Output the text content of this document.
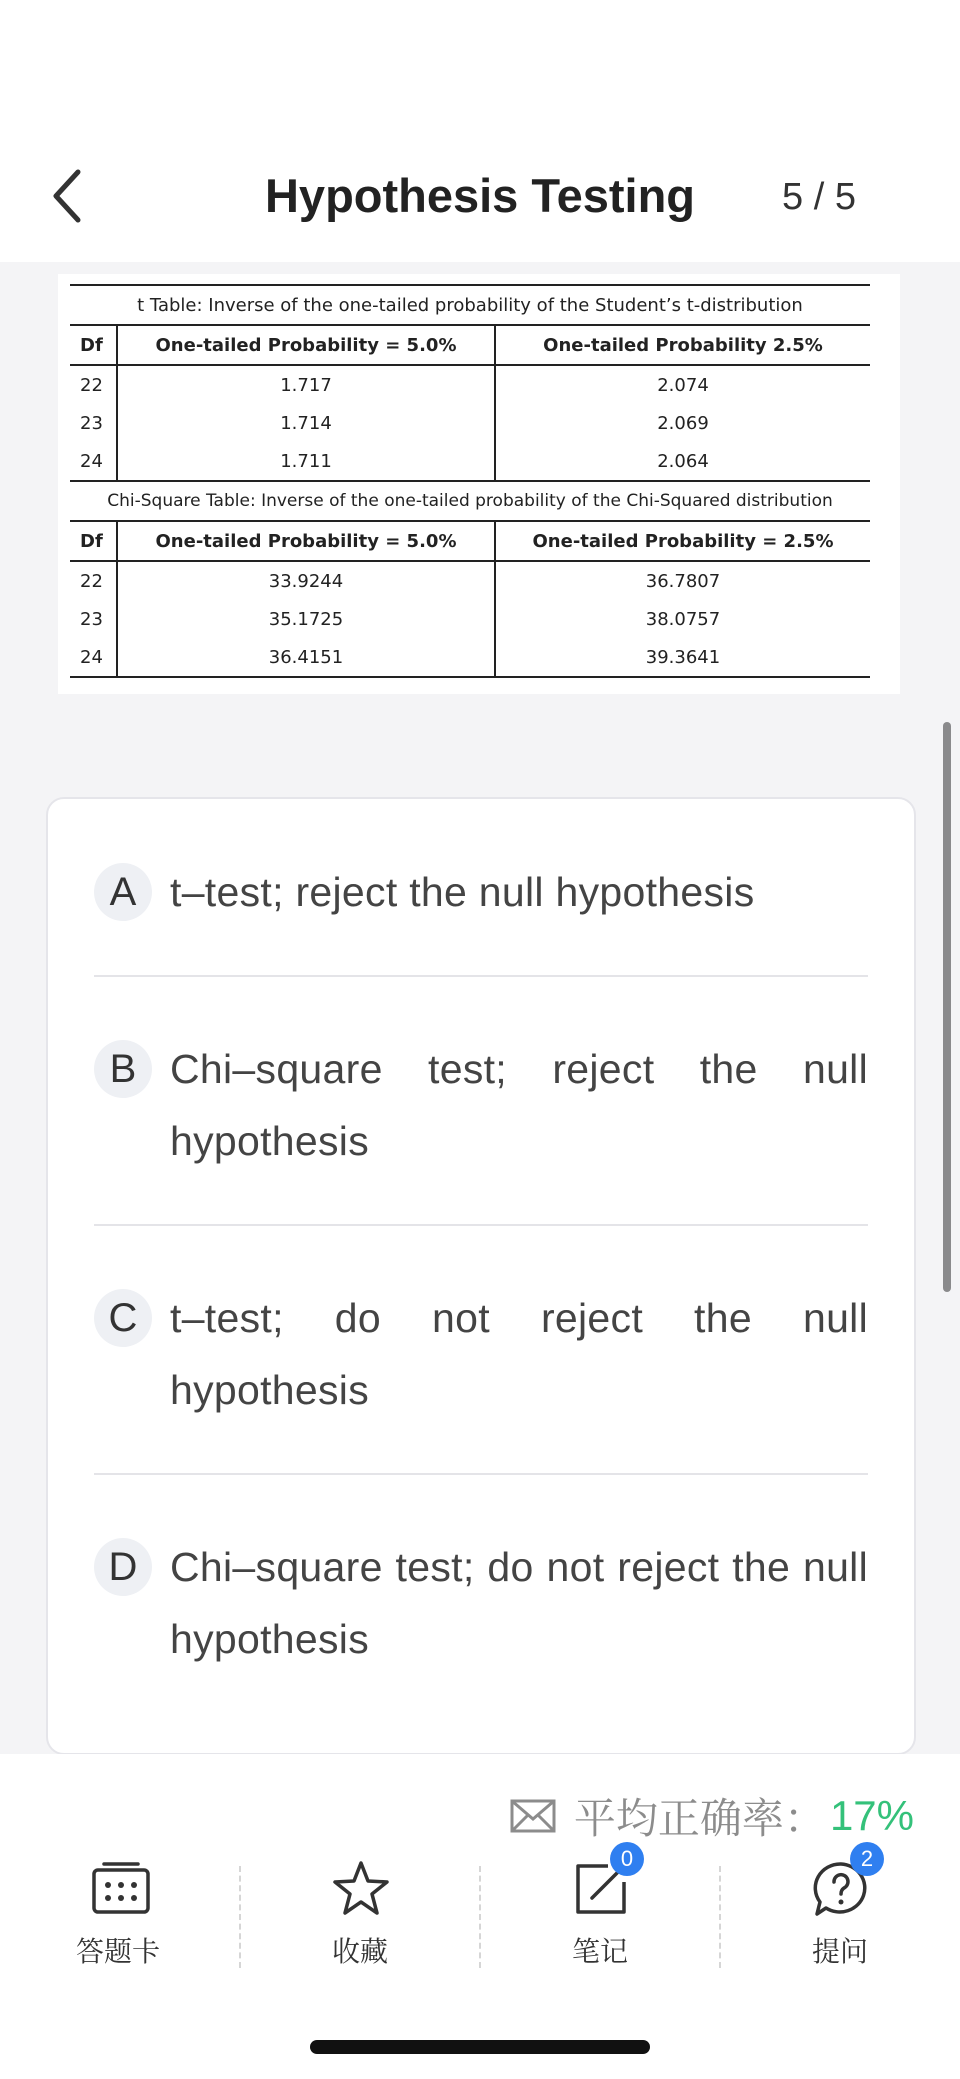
Hypothesis Testing	5 / 5
t Table: Inverse of the one-tailed probability of the Student’s t-distribution		
Df	One-tailed Probability = 5.0%	One-tailed Probability 2.5%
22	1.717	2.074
23	1.714	2.069
24	1.711	2.064
Chi-Square Table: Inverse of the one-tailed probability of the Chi-Squared distribution		
Df	One-tailed Probability = 5.0%	One-tailed Probability = 2.5%
22	33.9244	36.7807
23	35.1725	38.0757
24	36.4151	39.3641
A t–test; reject the null hypothesis
B Chi–square test; reject the null hypothesis
C t–test; do not reject the null hypothesis
D Chi–square test; do not reject the null hypothesis
平均正确率： 17%
答题卡	收藏
0
笔记
2
提问
